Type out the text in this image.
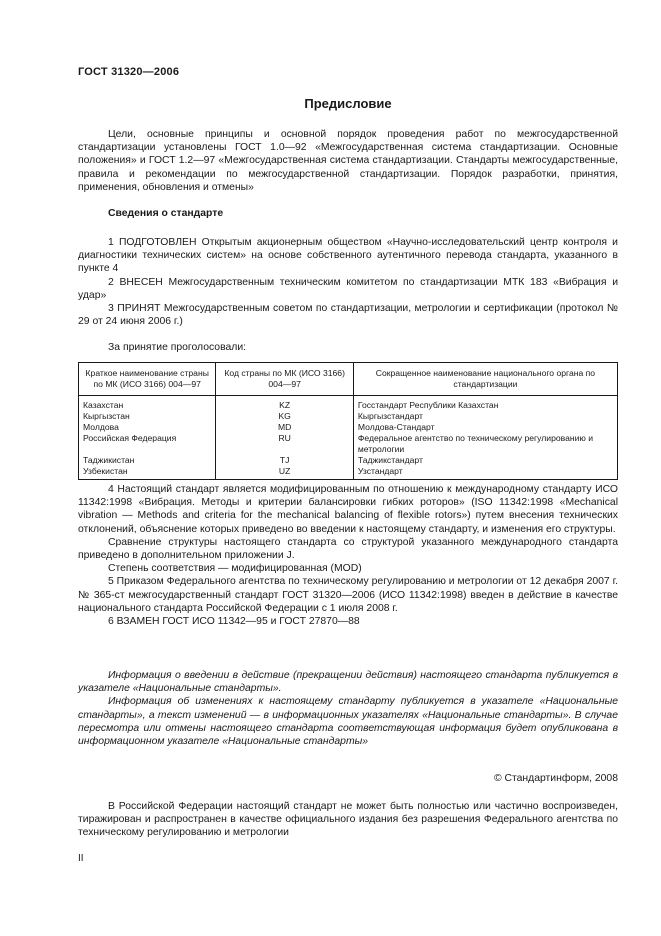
ГОСТ 31320—2006
Предисловие

Цели, основные принципы и основной порядок проведения работ по межгосударственной стандартизации установлены ГОСТ 1.0—92 «Межгосударственная система стандартизации. Основные положения» и ГОСТ 1.2—97 «Межгосударственная система стандартизации. Стандарты межгосударственные, правила и рекомендации по межгосударственной стандартизации. Порядок разработки, принятия, применения, обновления и отмены»

Сведения о стандарте

1 ПОДГОТОВЛЕН Открытым акционерным обществом «Научно-исследовательский центр контроля и диагностики технических систем» на основе собственного аутентичного перевода стандарта, указанного в пункте 4

2 ВНЕСЕН Межгосударственным техническим комитетом по стандартизации МТК 183 «Вибрация и удар»

3 ПРИНЯТ Межгосударственным советом по стандартизации, метрологии и сертификации (протокол № 29 от 24 июня 2006 г.)

За принятие проголосовали:

Краткое наименование страны по МК (ИСО 3166) 004—97	Код страны по МК (ИСО 3166) 004—97	Сокращенное наименование национального органа по стандартизации
Казахстан	KZ	Госстандарт Республики Казахстан
Кыргызстан	KG	Кыргызстандарт
Молдова	MD	Молдова-Стандарт
Российская Федерация	RU	Федеральное агентство по техническому регулированию и метрологии
Таджикистан	TJ	Таджикстандарт
Узбекистан	UZ	Узстандарт

4 Настоящий стандарт является модифицированным по отношению к международному стандарту ИСО 11342:1998 «Вибрация. Методы и критерии балансировки гибких роторов» (ISO 11342:1998 «Mechanical vibration — Methods and criteria for the mechanical balancing of flexible rotors») путем внесения технических отклонений, объяснение которых приведено во введении к настоящему стандарту, и изменения его структуры.

Сравнение структуры настоящего стандарта со структурой указанного международного стандарта приведено в дополнительном приложении J.

Степень соответствия — модифицированная (MOD)

5 Приказом Федерального агентства по техническому регулированию и метрологии от 12 декабря 2007 г. № 365-ст межгосударственный стандарт ГОСТ 31320—2006 (ИСО 11342:1998) введен в действие в качестве национального стандарта Российской Федерации с 1 июля 2008 г.

6 ВЗАМЕН ГОСТ ИСО 11342—95 и ГОСТ 27870—88

Информация о введении в действие (прекращении действия) настоящего стандарта публикуется в указателе «Национальные стандарты».

Информация об изменениях к настоящему стандарту публикуется в указателе «Национальные стандарты», а текст изменений — в информационных указателях «Национальные стандарты». В случае пересмотра или отмены настоящего стандарта соответствующая информация будет опубликована в информационном указателе «Национальные стандарты»

© Стандартинформ, 2008

В Российской Федерации настоящий стандарт не может быть полностью или частично воспроизведен, тиражирован и распространен в качестве официального издания без разрешения Федерального агентства по техническому регулированию и метрологии

II
